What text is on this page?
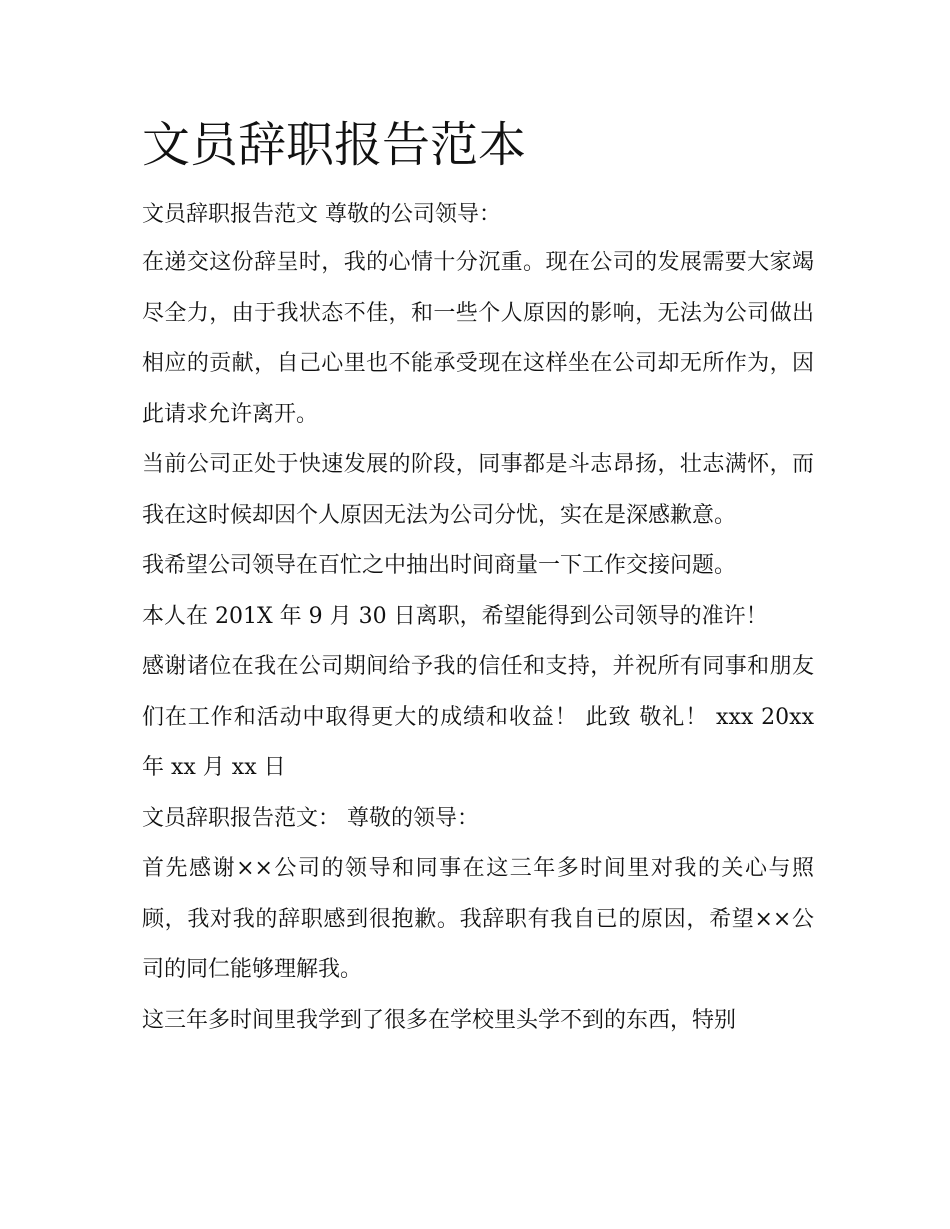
文员辞职报告范本

文员辞职报告范文 尊敬的公司领导：

在递交这份辞呈时，我的心情十分沉重。现在公司的发展需要大家竭尽全力，由于我状态不佳，和一些个人原因的影响，无法为公司做出相应的贡献，自己心里也不能承受现在这样坐在公司却无所作为，因此请求允许离开。

当前公司正处于快速发展的阶段，同事都是斗志昂扬，壮志满怀，而我在这时候却因个人原因无法为公司分忧，实在是深感歉意。

我希望公司领导在百忙之中抽出时间商量一下工作交接问题。

本人在 201X 年 9 月 30 日离职，希望能得到公司领导的准许！

感谢诸位在我在公司期间给予我的信任和支持，并祝所有同事和朋友们在工作和活动中取得更大的成绩和收益！ 此致 敬礼！ xxx 20xx 年 xx 月 xx 日

文员辞职报告范文： 尊敬的领导：

首先感谢××公司的领导和同事在这三年多时间里对我的关心与照顾，我对我的辞职感到很抱歉。我辞职有我自已的原因，希望××公司的同仁能够理解我。

这三年多时间里我学到了很多在学校里头学不到的东西，特别
